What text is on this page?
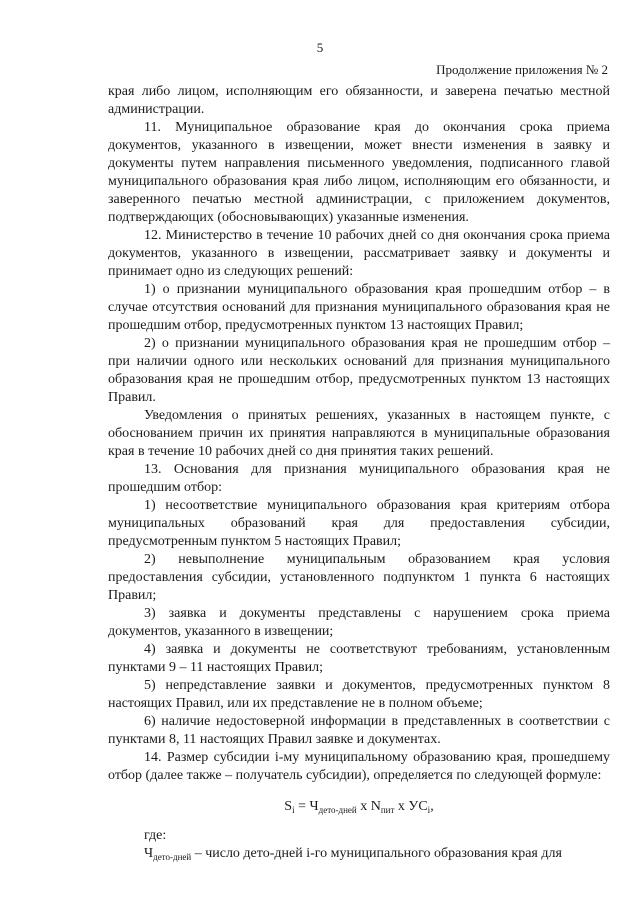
5
Продолжение приложения № 2

края либо лицом, исполняющим его обязанности, и заверена печатью местной администрации.

11. Муниципальное образование края до окончания срока приема документов, указанного в извещении, может внести изменения в заявку и документы путем направления письменного уведомления, подписанного главой муниципального образования края либо лицом, исполняющим его обязанности, и заверенного печатью местной администрации, с приложением документов, подтверждающих (обосновывающих) указанные изменения.

12. Министерство в течение 10 рабочих дней со дня окончания срока приема документов, указанного в извещении, рассматривает заявку и документы и принимает одно из следующих решений:

1) о признании муниципального образования края прошедшим отбор – в случае отсутствия оснований для признания муниципального образования края не прошедшим отбор, предусмотренных пунктом 13 настоящих Правил;

2) о признании муниципального образования края не прошедшим отбор – при наличии одного или нескольких оснований для признания муниципального образования края не прошедшим отбор, предусмотренных пунктом 13 настоящих Правил.

Уведомления о принятых решениях, указанных в настоящем пункте, с обоснованием причин их принятия направляются в муниципальные образования края в течение 10 рабочих дней со дня принятия таких решений.

13. Основания для признания муниципального образования края не прошедшим отбор:

1) несоответствие муниципального образования края критериям отбора муниципальных образований края для предоставления субсидии, предусмотренным пунктом 5 настоящих Правил;

2) невыполнение муниципальным образованием края условия предоставления субсидии, установленного подпунктом 1 пункта 6 настоящих Правил;

3) заявка и документы представлены с нарушением срока приема документов, указанного в извещении;

4) заявка и документы не соответствуют требованиям, установленным пунктами 9 – 11 настоящих Правил;

5) непредставление заявки и документов, предусмотренных пунктом 8 настоящих Правил, или их представление не в полном объеме;

6) наличие недостоверной информации в представленных в соответствии с пунктами 8, 11 настоящих Правил заявке и документах.

14. Размер субсидии i-му муниципальному образованию края, прошедшему отбор (далее также – получатель субсидии), определяется по следующей формуле:

$S_i = Ч_{дето-дней}$ x $N_{пит}$ x $УС_i$,

где:

$Ч_{дето-дней}$ – число дето-дней i-го муниципального образования края для
